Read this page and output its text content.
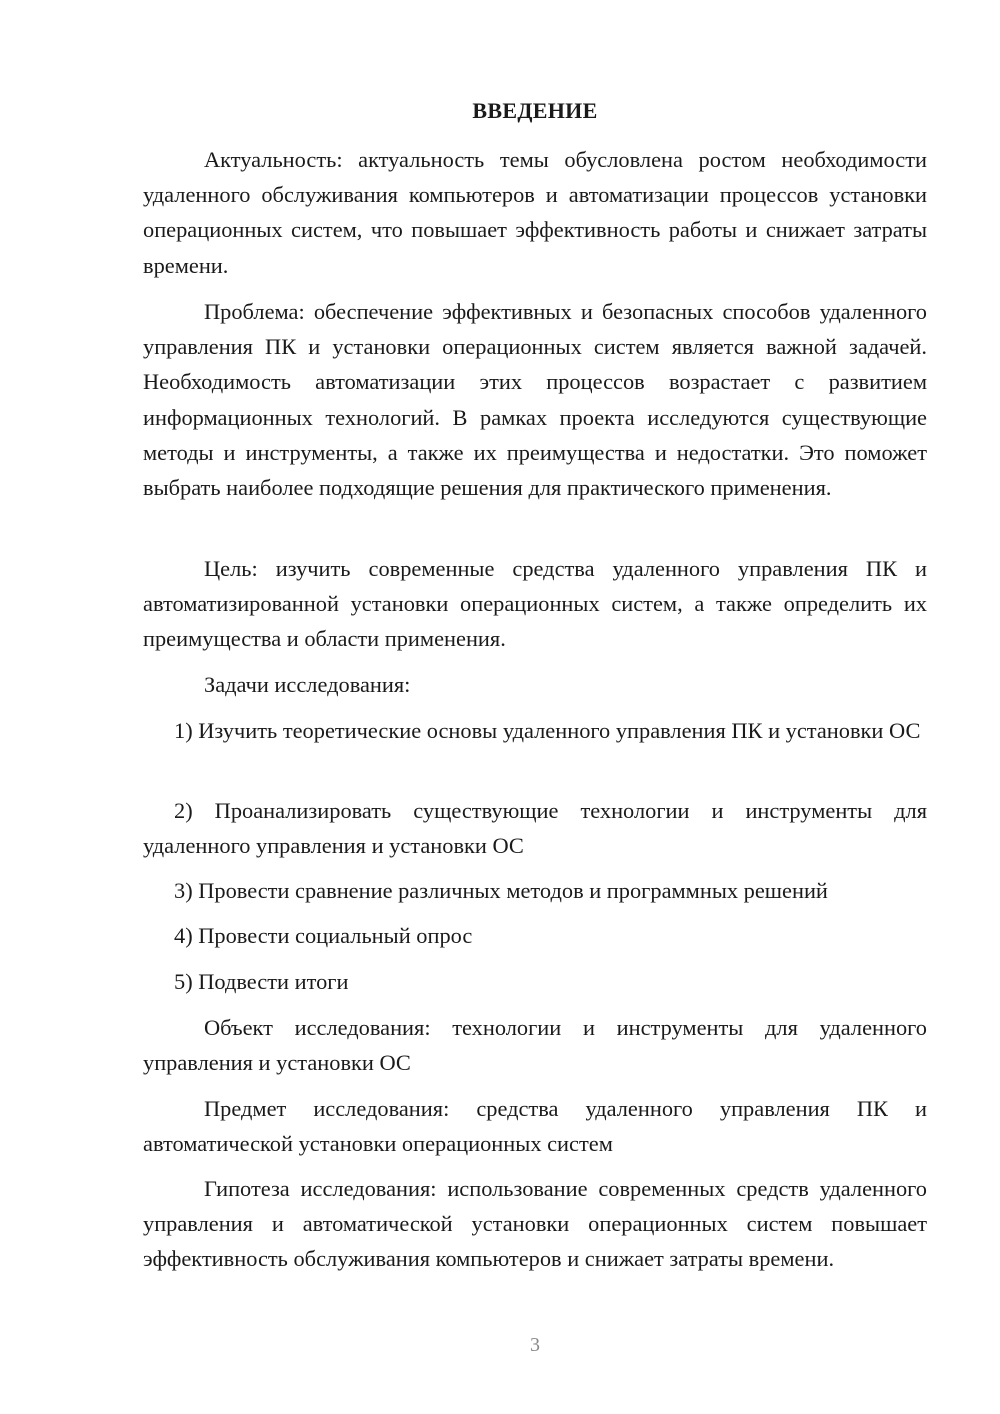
ВВЕДЕНИЕ

Актуальность: актуальность темы обусловлена ростом необходимости удаленного обслуживания компьютеров и автоматизации процессов установки операционных систем, что повышает эффективность работы и снижает затраты времени.

Проблема: обеспечение эффективных и безопасных способов удаленного управления ПК и установки операционных систем является важной задачей. Необходимость автоматизации этих процессов возрастает с развитием информационных технологий. В рамках проекта исследуются существующие методы и инструменты, а также их преимущества и недостатки. Это поможет выбрать наиболее подходящие решения для практического применения.

Цель: изучить современные средства удаленного управления ПК и автоматизированной установки операционных систем, а также определить их преимущества и области применения.

Задачи исследования:

1) Изучить теоретические основы удаленного управления ПК и установки ОС

2) Проанализировать существующие технологии и инструменты для удаленного управления и установки ОС

3) Провести сравнение различных методов и программных решений

4) Провести социальный опрос

5) Подвести итоги

Объект исследования: технологии и инструменты для удаленного управления и установки ОС

Предмет исследования: средства удаленного управления ПК и автоматической установки операционных систем

Гипотеза исследования: использование современных средств удаленного управления и автоматической установки операционных систем повышает эффективность обслуживания компьютеров и снижает затраты времени.

3
